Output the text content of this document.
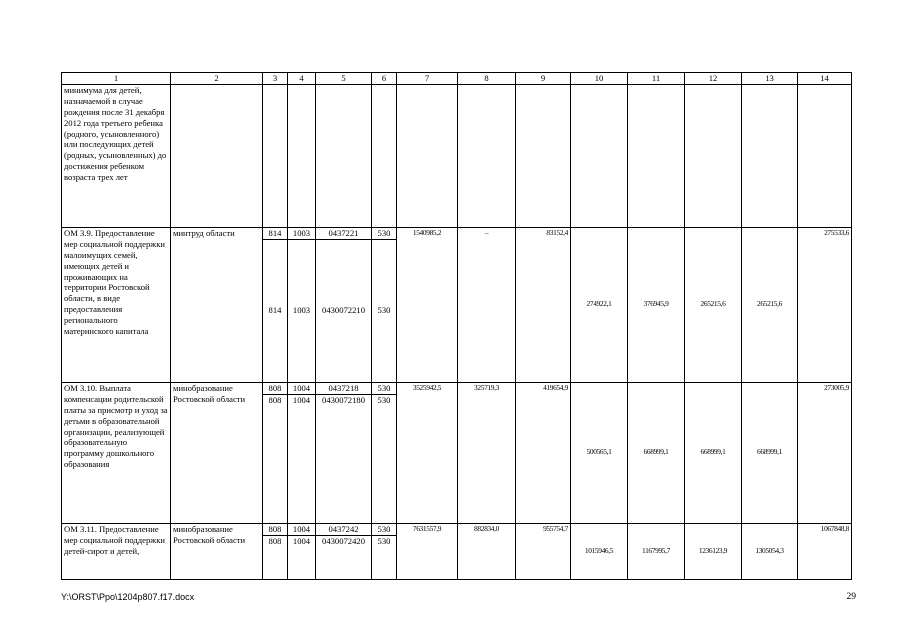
1	2	3	4	5	6	7	8	9	10	11	12	13	14
минимума для детей, назначаемой в случае рождения после 31 декабря 2012 года третьего ребенка (родного, усыновленного) или последующих детей (родных, усыновленных) до достижения ребенком возраста трех лет													
ОМ 3.9. Предоставление мер социальной поддержки малоимущих семей, имеющих детей и проживающих на территории Ростовской области, в виде предоставления регионального материнского капитала	минтруд области	814	1003	0437221	530	1540985,2	–	83152,4	274922,1	376945,9	265215,6	265215,6	275533,6
		814	1003	0430072210	530								
ОМ 3.10. Выплата компенсации родительской платы за присмотр и уход за детьми в образовательной организации, реализующей образовательную программу дошкольного образования	минобразование Ростовской области	808	1004	0437218	530	3525942,5	325719,3	419654,9	500565,1	668999,1	668999,1	668999,1	273005,9
		808	1004	0430072180	530								
ОМ 3.11. Предоставление мер социальной поддержки детей-сирот и детей,	минобразование Ростовской области	808	1004	0437242	530	7631557,9	882834,0	955754,7	1015946,5	1167995,7	1236123,9	1305054,3	1067848,8
		808	1004	0430072420	530								
Y:\ORST\Ppo\1204p807.f17.docx	29
